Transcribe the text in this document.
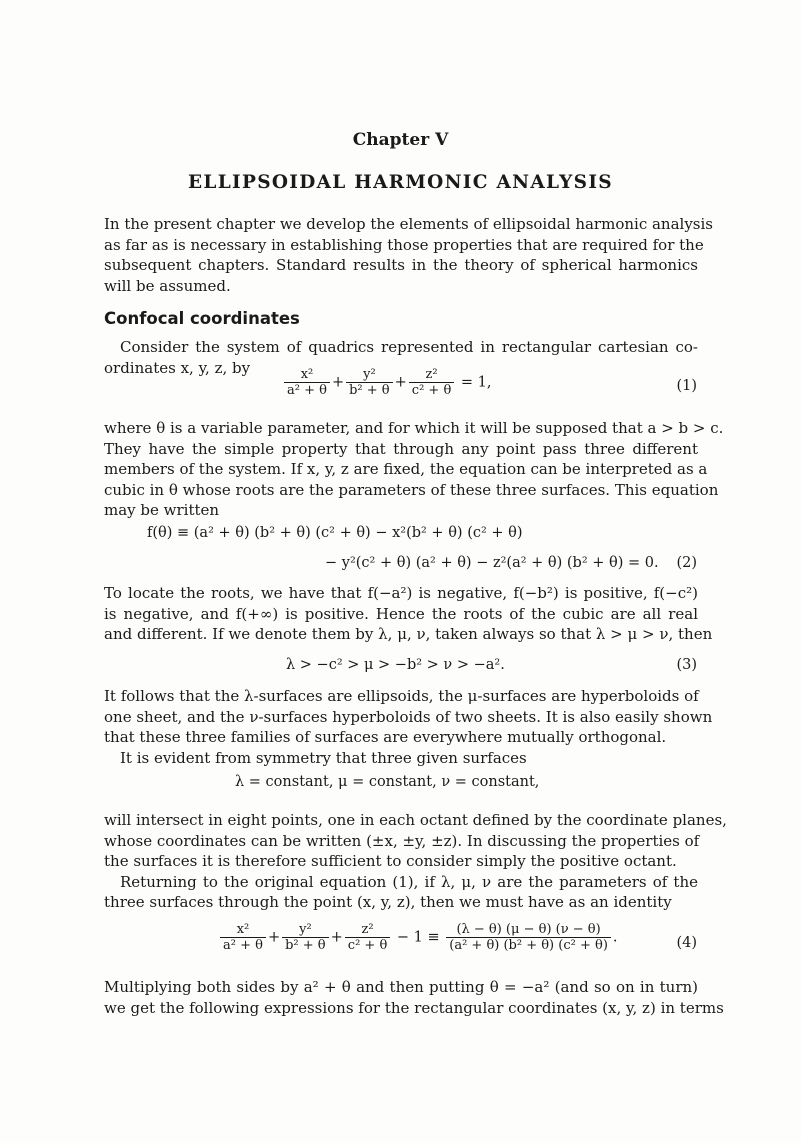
Chapter V
ELLIPSOIDAL HARMONIC ANALYSIS
In the present chapter we develop the elements of ellipsoidal harmonic analysis
as far as is necessary in establishing those properties that are required for the
subsequent chapters. Standard results in the theory of spherical harmonics
will be assumed.
Confocal coordinates
Consider the system of quadrics represented in rectangular cartesian co-
ordinates x, y, z, by	$\frac{\text{x²}}{\text{a² + θ}} + \frac{\text{y²}}{\text{b² + θ}} + \frac{\text{z²}}{\text{c² + θ}} = 1$,	(1)
where θ is a variable parameter, and for which it will be supposed that a > b > c.
They have the simple property that through any point pass three different
members of the system. If x, y, z are fixed, the equation can be interpreted as a
cubic in θ whose roots are the parameters of these three surfaces. This equation
may be written
f(θ) ≡ (a² + θ) (b² + θ) (c² + θ) − x²(b² + θ) (c² + θ)
− y²(c² + θ) (a² + θ) − z²(a² + θ) (b² + θ) = 0. (2)
To locate the roots, we have that f(−a²) is negative, f(−b²) is positive, f(−c²)
is negative, and f(+∞) is positive. Hence the roots of the cubic are all real
and different. If we denote them by λ, μ, ν, taken always so that λ > μ > ν, then
λ > −c² > μ > −b² > ν > −a².	(3)
It follows that the λ-surfaces are ellipsoids, the μ-surfaces are hyperboloids of
one sheet, and the ν-surfaces hyperboloids of two sheets. It is also easily shown
that these three families of surfaces are everywhere mutually orthogonal.
It is evident from symmetry that three given surfaces
λ = constant, μ = constant, ν = constant,
will intersect in eight points, one in each octant defined by the coordinate planes,
whose coordinates can be written (±x, ±y, ±z). In discussing the properties of
the surfaces it is therefore sufficient to consider simply the positive octant.
Returning to the original equation (1), if λ, μ, ν are the parameters of the
three surfaces through the point (x, y, z), then we must have as an identity
$\frac{\text{x²}}{\text{a² + θ}} + \frac{\text{y²}}{\text{b² + θ}} + \frac{\text{z²}}{\text{c² + θ}} - 1 \equiv \frac{(\lambda - \theta) (\mu - \theta) (\nu - \theta)}{\text{(a² + θ) (b² + θ) (c² + θ)}}$ .	(4)
Multiplying both sides by a² + θ and then putting θ = −a² (and so on in turn)
we get the following expressions for the rectangular coordinates (x, y, z) in terms
